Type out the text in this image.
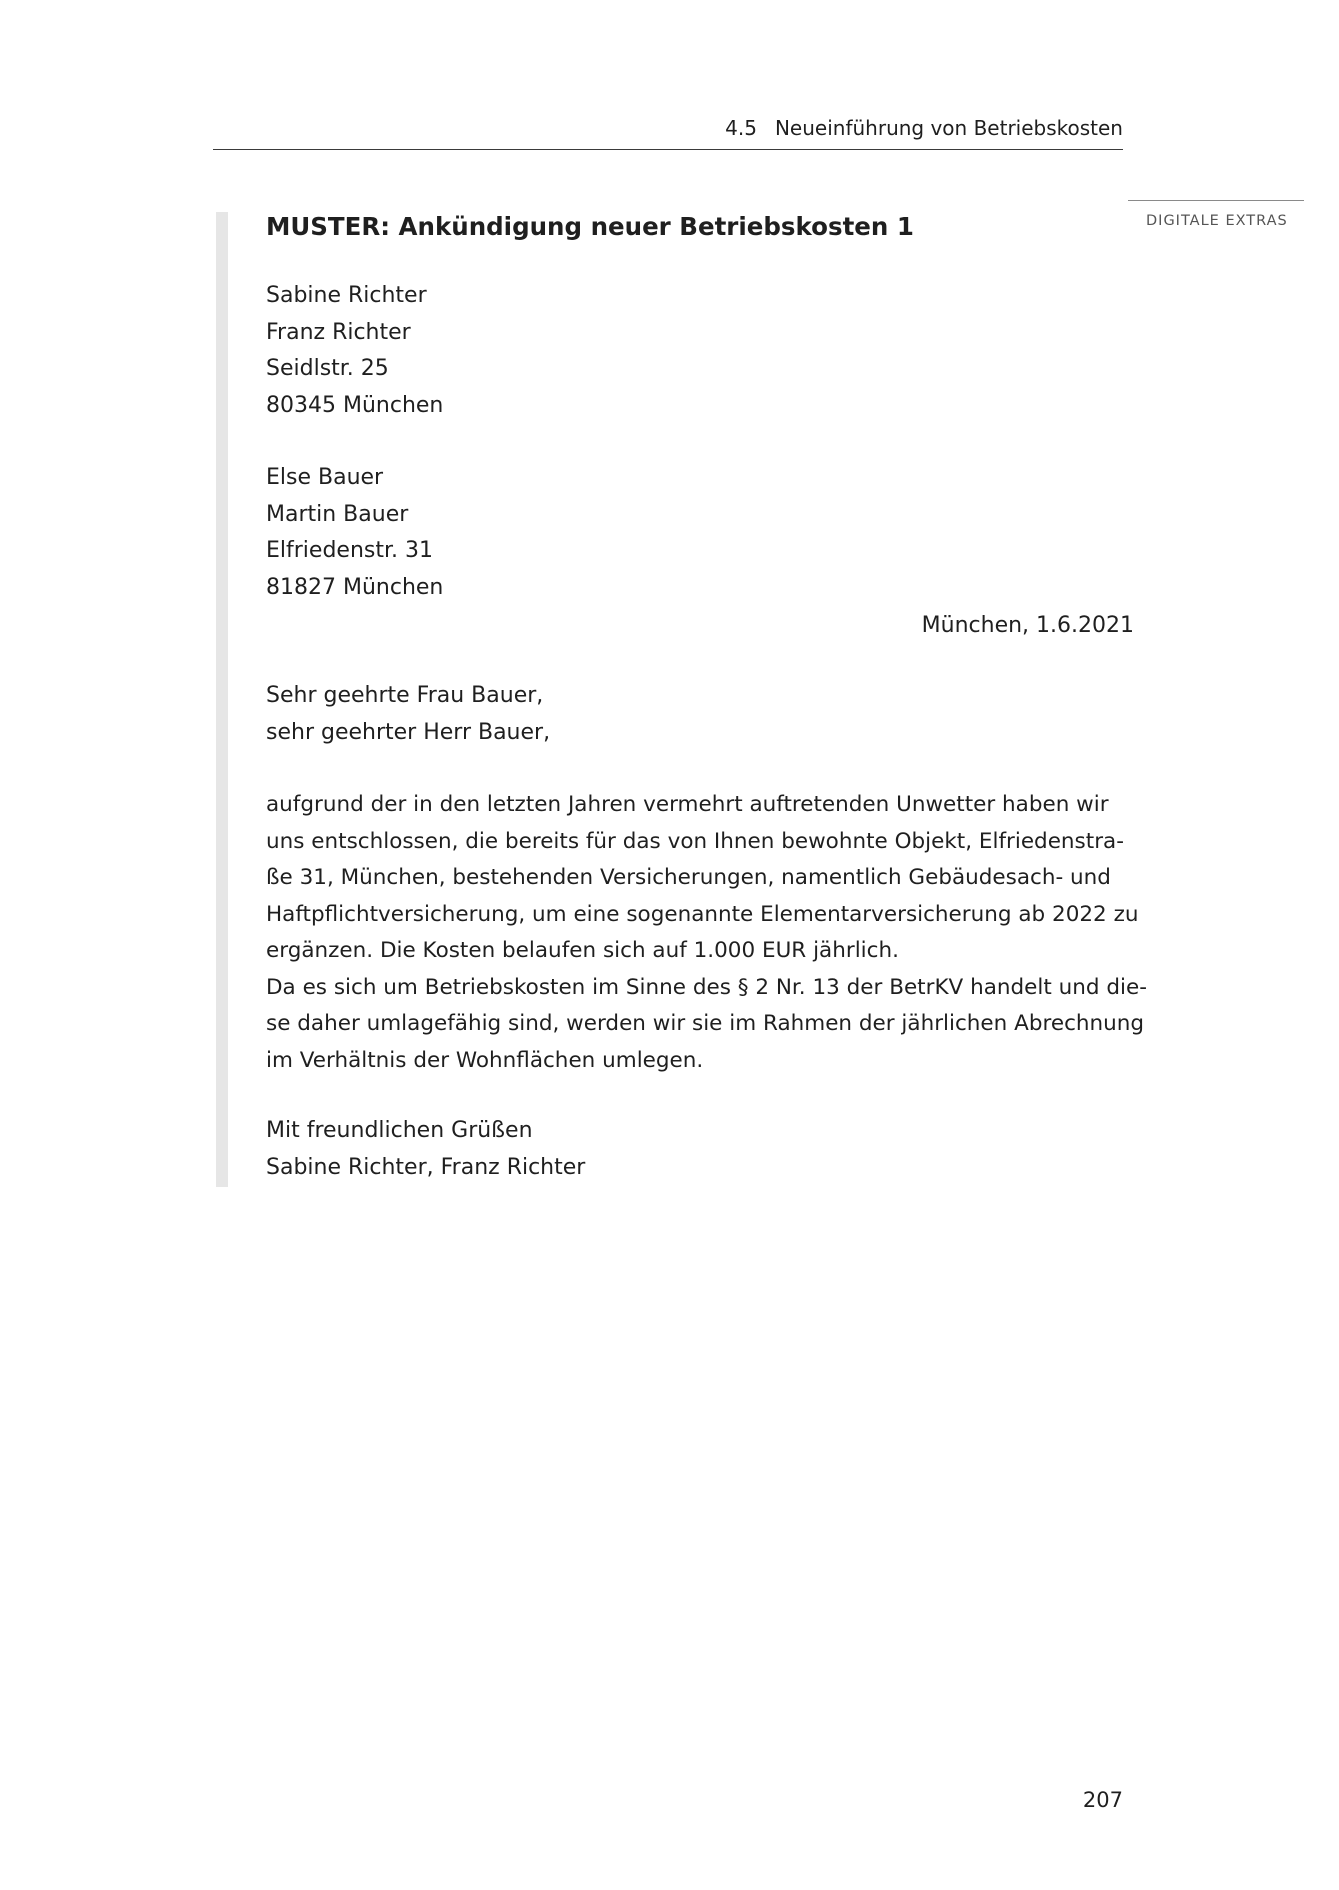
4.5 Neueinführung von Betriebskosten
DIGITALE EXTRAS
MUSTER: Ankündigung neuer Betriebskosten 1
Sabine Richter
Franz Richter
Seidlstr. 25
80345 München
Else Bauer
Martin Bauer
Elfriedenstr. 31
81827 München
München, 1.6.2021
Sehr geehrte Frau Bauer,
sehr geehrter Herr Bauer,
aufgrund der in den letzten Jahren vermehrt auftretenden Unwetter haben wir
uns entschlossen, die bereits für das von Ihnen bewohnte Objekt, Elfriedenstra-
ße 31, München, bestehenden Versicherungen, namentlich Gebäudesach- und
Haftpflichtversicherung, um eine sogenannte Elementarversicherung ab 2022 zu
ergänzen. Die Kosten belaufen sich auf 1.000 EUR jährlich.
Da es sich um Betriebskosten im Sinne des § 2 Nr. 13 der BetrKV handelt und die-
se daher umlagefähig sind, werden wir sie im Rahmen der jährlichen Abrechnung
im Verhältnis der Wohnflächen umlegen.
Mit freundlichen Grüßen
Sabine Richter, Franz Richter
207
